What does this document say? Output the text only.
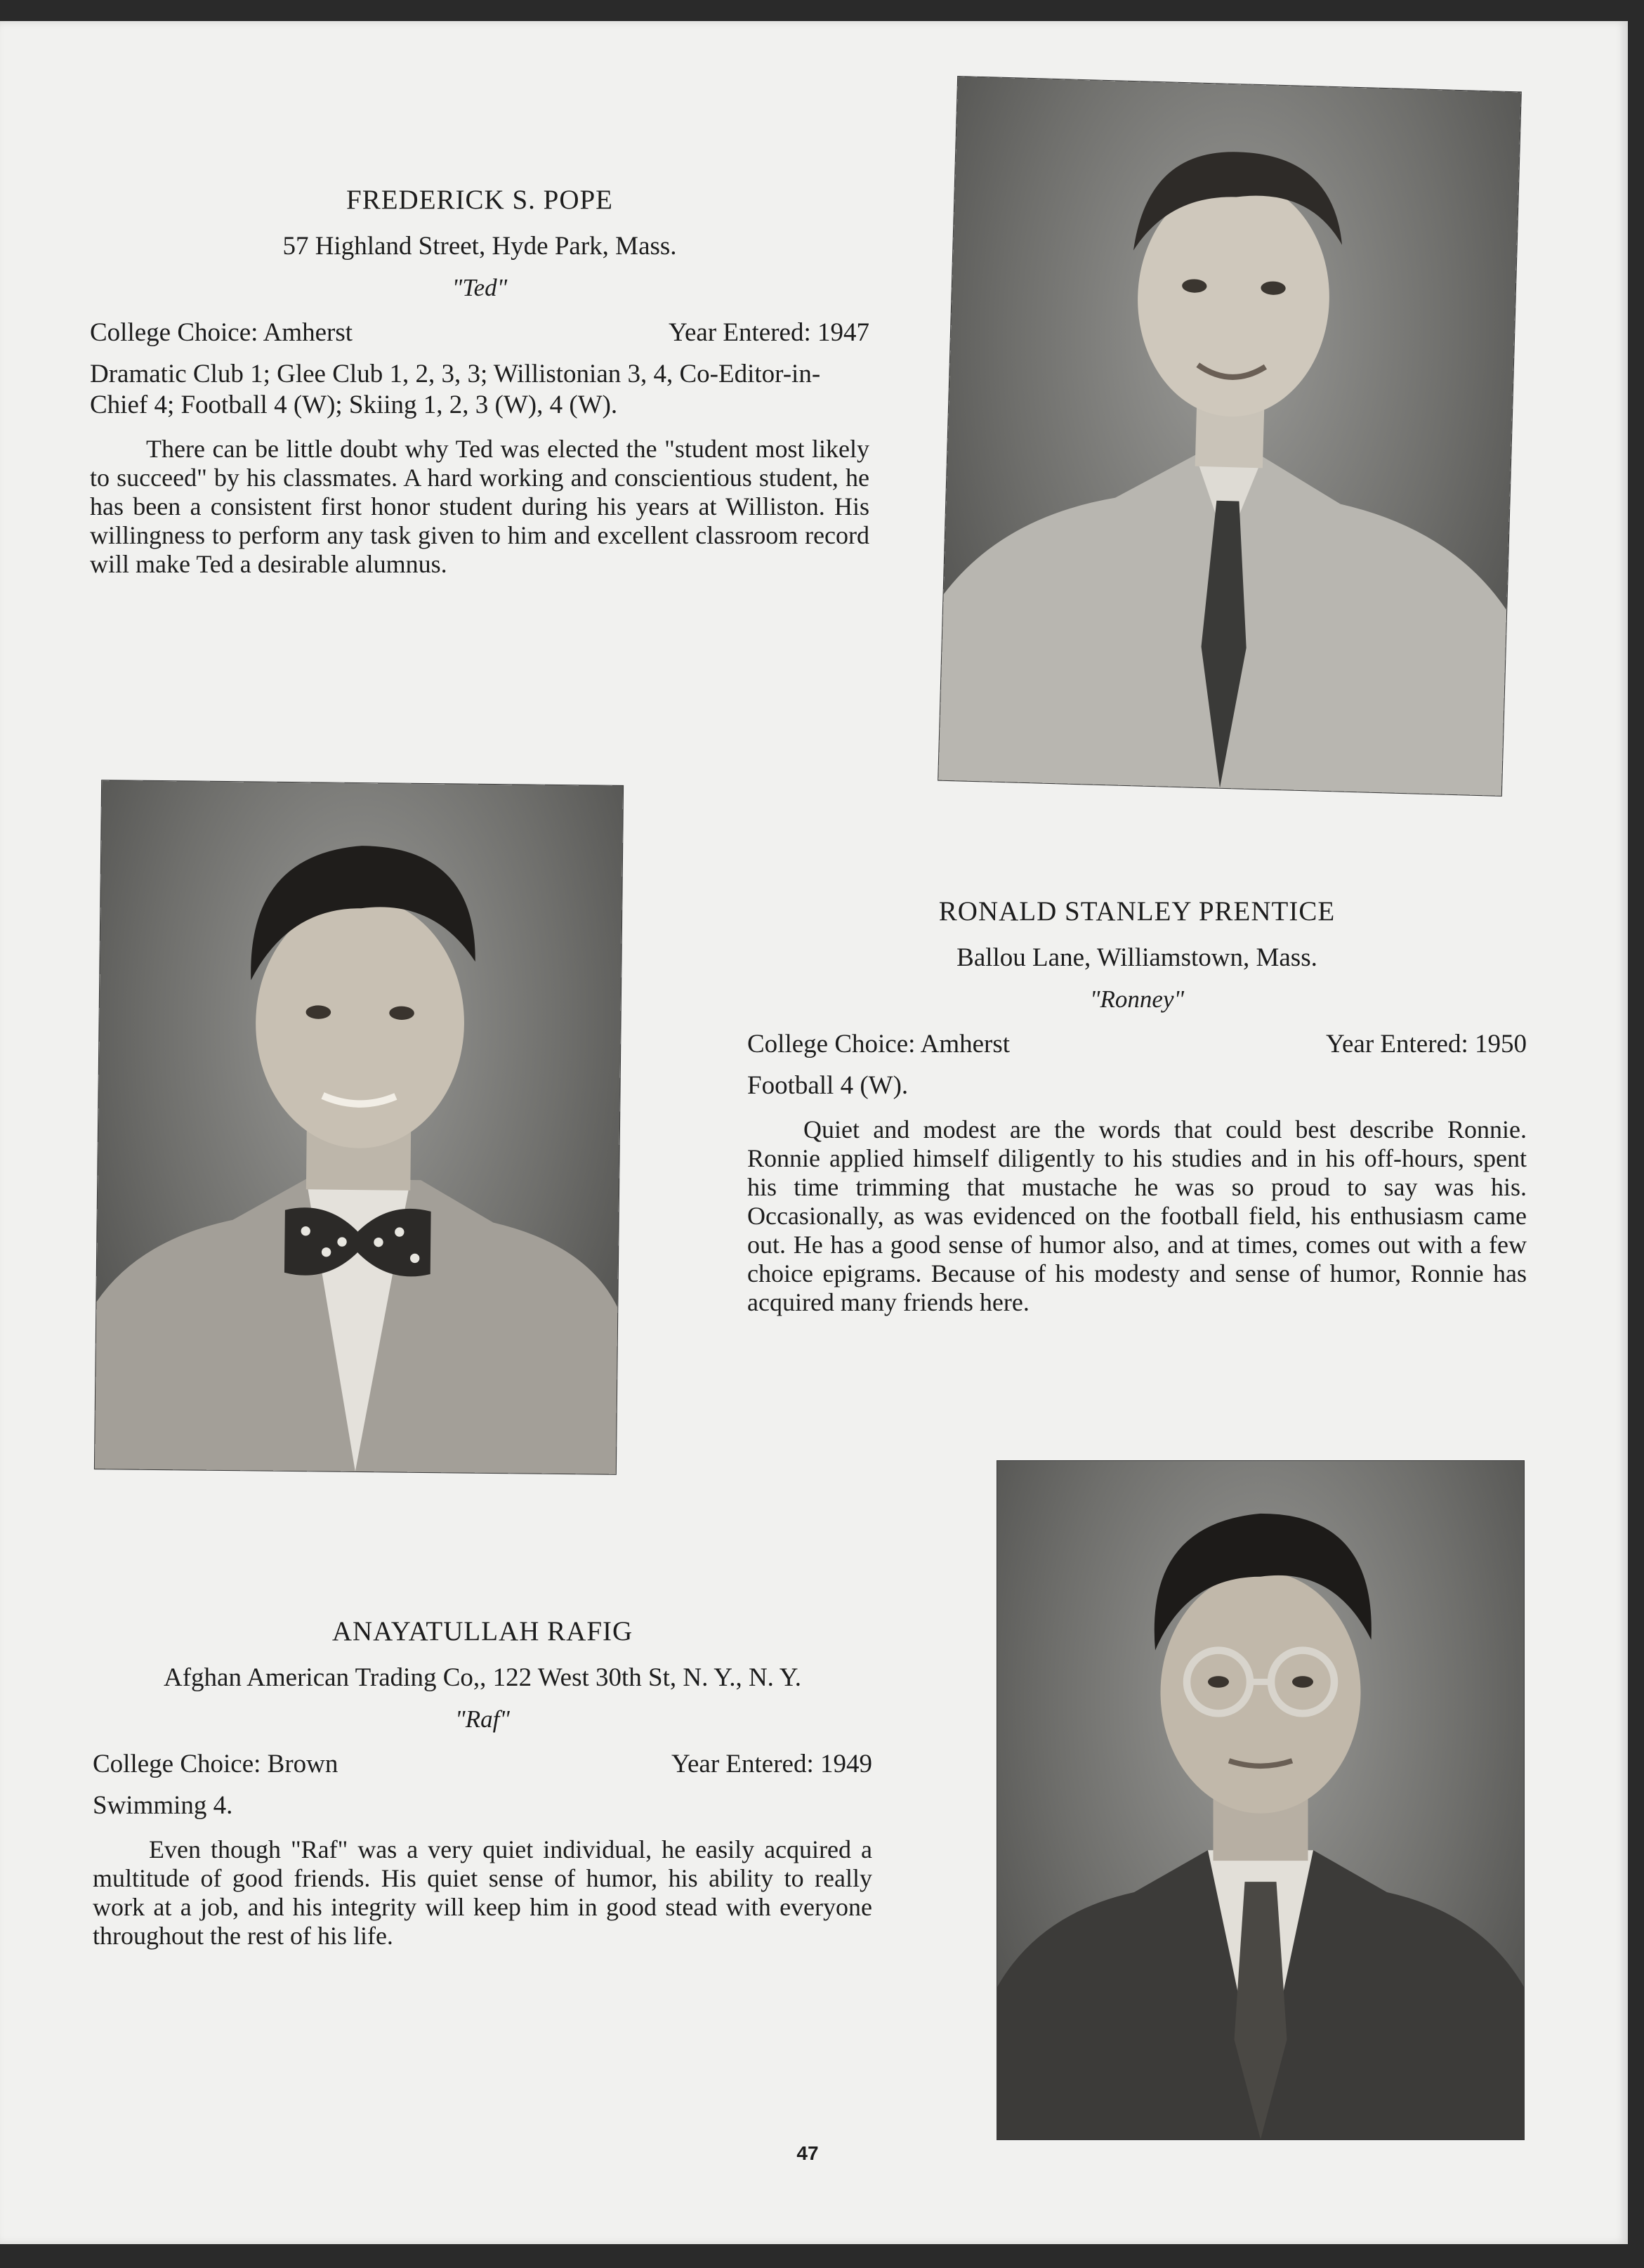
FREDERICK S. POPE
57 Highland Street, Hyde Park, Mass.
"Ted"
College Choice: Amherst	Year Entered: 1947
Dramatic Club 1; Glee Club 1, 2, 3, 3; Willistonian 3, 4, Co-Editor-in-Chief 4; Football 4 (W); Skiing 1, 2, 3 (W), 4 (W).

There can be little doubt why Ted was elected the "student most likely to succeed" by his classmates. A hard working and conscientious student, he has been a consistent first honor student during his years at Williston. His willingness to perform any task given to him and excellent classroom record will make Ted a desirable alumnus.

RONALD STANLEY PRENTICE
Ballou Lane, Williamstown, Mass.
"Ronney"
College Choice: Amherst	Year Entered: 1950
Football 4 (W).

Quiet and modest are the words that could best describe Ronnie. Ronnie applied himself diligently to his studies and in his off-hours, spent his time trimming that mustache he was so proud to say was his. Occasionally, as was evidenced on the football field, his enthusiasm came out. He has a good sense of humor also, and at times, comes out with a few choice epigrams. Because of his modesty and sense of humor, Ronnie has acquired many friends here.

ANAYATULLAH RAFIG
Afghan American Trading Co,, 122 West 30th St, N. Y., N. Y.
"Raf"
College Choice: Brown	Year Entered: 1949
Swimming 4.

Even though "Raf" was a very quiet individual, he easily acquired a multitude of good friends. His quiet sense of humor, his ability to really work at a job, and his integrity will keep him in good stead with everyone throughout the rest of his life.

47
